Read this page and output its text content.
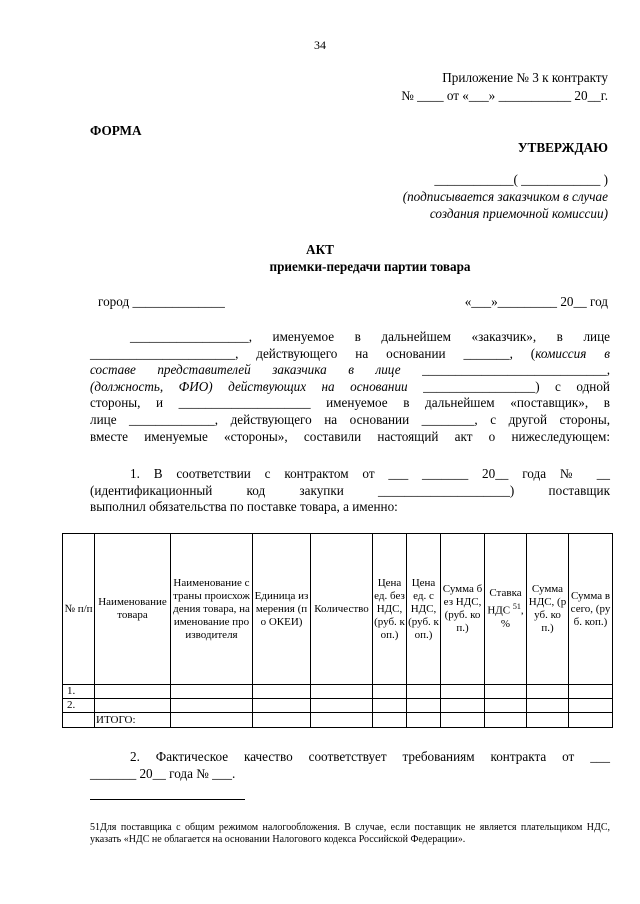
34
Приложение № 3 к контракту
№ ____ от «___» ___________ 20__г.
ФОРМА
УТВЕРЖДАЮ
____________( ____________ )
(подписывается заказчиком в случае
создания приемочной комиссии)
АКТ
приемки-передачи партии товара
город ______________	«___»_________ 20__ год
__________________, именуемое в дальнейшем «заказчик», в лице
______________________, действующего на основании _______, (комиссия в
составе представителей заказчика в лице ____________________________,
(должность, ФИО) действующих на основании _________________) с одной
стороны, и ____________________ именуемое в дальнейшем «поставщик», в
лице _____________, действующего на основании ________, с другой стороны,
вместе именуемые «стороны», составили настоящий акт о нижеследующем:
1. В соответствии с контрактом от ___ _______ 20__ года № __
(идентификационный код закупки ____________________) поставщик
выполнил обязательства по поставке товара, а именно:
№ п/п	Наименование товара	Наименование страны происхождения товара, наименование производителя	Единица измерения (по ОКЕИ)	Количество	Цена ед. без НДС, (руб. коп.)	Цена ед. с НДС, (руб. коп.)	Сумма без НДС, (руб. коп.)	Ставка НДС $^{51}$, %	Сумма НДС, (руб. коп.)	Сумма всего, (руб. коп.)
1.										
2.										
	ИТОГО:									
2. Фактическое качество соответствует требованиям контракта от ___
_______ 20__ года № ___.
51Для поставщика с общим режимом налогообложения. В случае, если поставщик не является плательщиком НДС, указать «НДС не облагается на основании Налогового кодекса Российской Федерации».
